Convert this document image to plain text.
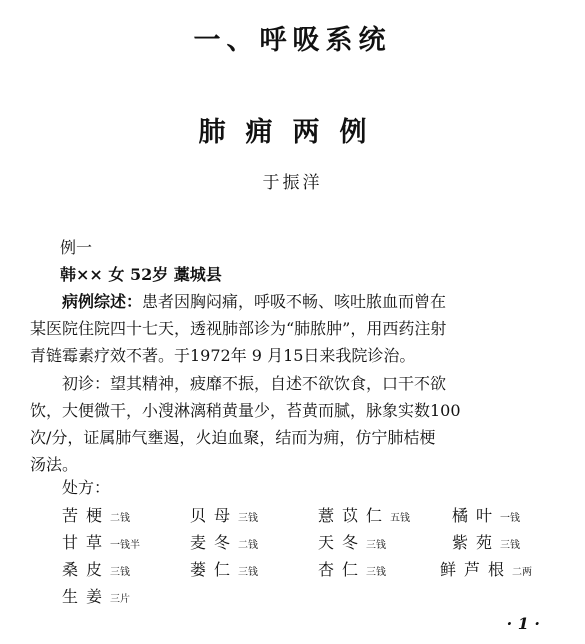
一、呼吸系统
肺痈两例
于振洋
例一
韩×× 女 52岁 藁城县
病例综述：患者因胸闷痛，呼吸不畅、咳吐脓血而曾在
某医院住院四十七天，透视肺部诊为“肺脓肿”，用西药注射
青链霉素疗效不著。于1972年 9 月15日来我院诊治。
初诊：望其精神，疲靡不振，自述不欲饮食，口干不欲
饮，大便微干，小溲淋漓稍黄量少，苔黄而腻，脉象实数100
次/分，证属肺气壅遏，火迫血聚，结而为痈，仿宁肺桔梗
汤法。
处方：
苦梗二钱	贝母三钱	薏苡仁五钱	橘叶一钱
甘草一钱半	麦冬二钱	天冬三钱	紫苑三钱
桑皮三钱	蒌仁三钱	杏仁三钱	鲜芦根二两
生姜三片
· 1 ·
